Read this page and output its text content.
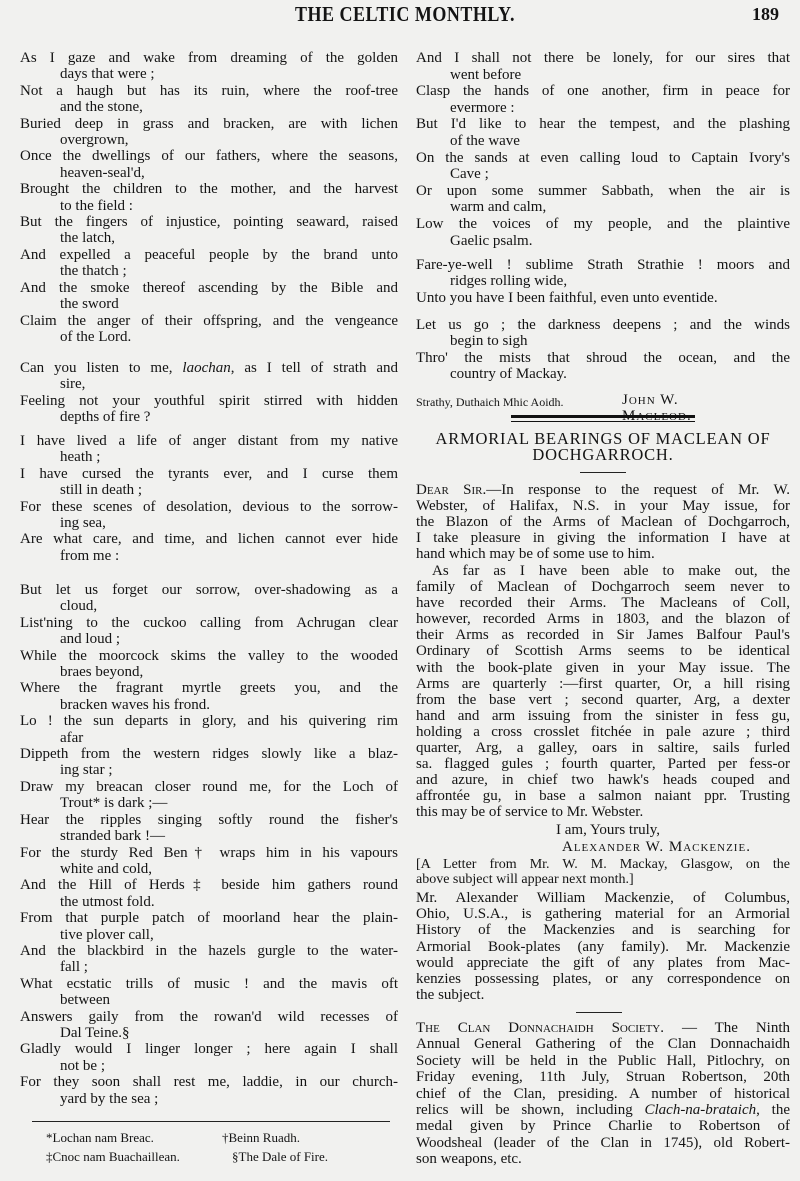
THE CELTIC MONTHLY.	189
As I gaze and wake from dreaming of the golden
days that were ;
Not a haugh but has its ruin, where the roof-tree
and the stone,
Buried deep in grass and bracken, are with lichen
overgrown,
Once the dwellings of our fathers, where the seasons,
heaven-seal'd,
Brought the children to the mother, and the harvest
to the field :
But the fingers of injustice, pointing seaward, raised
the latch,
And expelled a peaceful people by the brand unto
the thatch ;
And the smoke thereof ascending by the Bible and
the sword
Claim the anger of their offspring, and the vengeance
of the Lord.
Can you listen to me, laochan, as I tell of strath and
sire,
Feeling not your youthful spirit stirred with hidden
depths of fire ?
I have lived a life of anger distant from my native
heath ;
I have cursed the tyrants ever, and I curse them
still in death ;
For these scenes of desolation, devious to the sorrow-
ing sea,
Are what care, and time, and lichen cannot ever hide
from me :
But let us forget our sorrow, over-shadowing as a
cloud,
List'ning to the cuckoo calling from Achrugan clear
and loud ;
While the moorcock skims the valley to the wooded
braes beyond,
Where the fragrant myrtle greets you, and the
bracken waves his frond.
Lo ! the sun departs in glory, and his quivering rim
afar
Dippeth from the western ridges slowly like a blaz-
ing star ;
Draw my breacan closer round me, for the Loch of
Trout* is dark ;—
Hear the ripples singing softly round the fisher's
stranded bark !—
For the sturdy Red Ben† wraps him in his vapours
white and cold,
And the Hill of Herds‡ beside him gathers round
the utmost fold.
From that purple patch of moorland hear the plain-
tive plover call,
And the blackbird in the hazels gurgle to the water-
fall ;
What ecstatic trills of music ! and the mavis oft
between
Answers gaily from the rowan'd wild recesses of
Dal Teine.§
Gladly would I linger longer ; here again I shall
not be ;
For they soon shall rest me, laddie, in our church-
yard by the sea ;
*Lochan nam Breac.	†Beinn Ruadh.
‡Cnoc nam Buachaillean.	§The Dale of Fire.
And I shall not there be lonely, for our sires that
went before
Clasp the hands of one another, firm in peace for
evermore :
But I'd like to hear the tempest, and the plashing
of the wave
On the sands at even calling loud to Captain Ivory's
Cave ;
Or upon some summer Sabbath, when the air is
warm and calm,
Low the voices of my people, and the plaintive
Gaelic psalm.
Fare-ye-well ! sublime Strath Strathie ! moors and
ridges rolling wide,
Unto you have I been faithful, even unto eventide.
Let us go ; the darkness deepens ; and the winds
begin to sigh
Thro' the mists that shroud the ocean, and the
country of Mackay.
Strathy, Duthaich Mhic Aoidh.	John W. Macleod.
ARMORIAL BEARINGS OF MACLEAN OF
DOCHGARROCH.
Dear Sir.—In response to the request of Mr. W.
Webster, of Halifax, N.S. in your May issue, for
the Blazon of the Arms of Maclean of Dochgarroch,
I take pleasure in giving the information I have at
hand which may be of some use to him.
As far as I have been able to make out, the
family of Maclean of Dochgarroch seem never to
have recorded their Arms. The Macleans of Coll,
however, recorded Arms in 1803, and the blazon of
their Arms as recorded in Sir James Balfour Paul's
Ordinary of Scottish Arms seems to be identical
with the book-plate given in your May issue. The
Arms are quarterly :—first quarter, Or, a hill rising
from the base vert ; second quarter, Arg, a dexter
hand and arm issuing from the sinister in fess gu,
holding a cross crosslet fitchée in pale azure ; third
quarter, Arg, a galley, oars in saltire, sails furled
sa. flagged gules ; fourth quarter, Parted per fess-or
and azure, in chief two hawk's heads couped and
affrontée gu, in base a salmon naiant ppr. Trusting
this may be of service to Mr. Webster.
I am, Yours truly,
Alexander W. Mackenzie.
[A Letter from Mr. W. M. Mackay, Glasgow, on the
above subject will appear next month.]
Mr. Alexander William Mackenzie, of Columbus,
Ohio, U.S.A., is gathering material for an Armorial
History of the Mackenzies and is searching for
Armorial Book-plates (any family). Mr. Mackenzie
would appreciate the gift of any plates from Mac-
kenzies possessing plates, or any correspondence on
the subject.
The Clan Donnachaidh Society. — The Ninth
Annual General Gathering of the Clan Donnachaidh
Society will be held in the Public Hall, Pitlochry, on
Friday evening, 11th July, Struan Robertson, 20th
chief of the Clan, presiding. A number of historical
relics will be shown, including Clach-na-brataich, the
medal given by Prince Charlie to Robertson of
Woodsheal (leader of the Clan in 1745), old Robert-
son weapons, etc.
